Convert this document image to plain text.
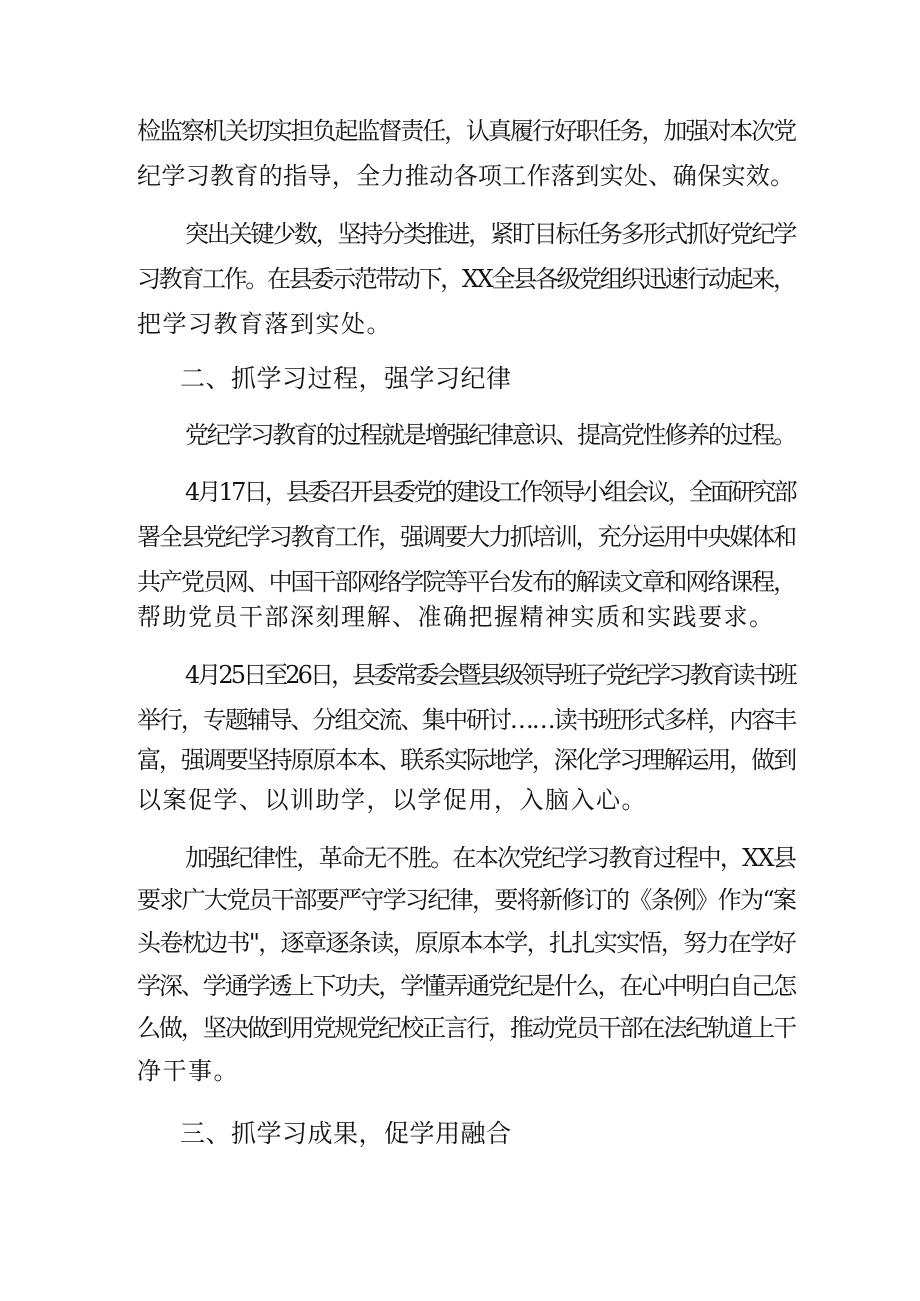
检监察机关切实担负起监督责任，认真履行好职任务，加强对本次党
纪学习教育的指导，全力推动各项工作落到实处、确保实效。
突出关键少数，坚持分类推进，紧盯目标任务多形式抓好党纪学
习教育工作。在县委示范带动下，XX全县各级党组织迅速行动起来，
把学习教育落到实处。
二、抓学习过程，强学习纪律
党纪学习教育的过程就是增强纪律意识、提高党性修养的过程。
4月17日，县委召开县委党的建设工作领导小组会议，全面研究部
署全县党纪学习教育工作，强调要大力抓培训，充分运用中央媒体和
共产党员网、中国干部网络学院等平台发布的解读文章和网络课程，
帮助党员干部深刻理解、准确把握精神实质和实践要求。
4月25日至26日，县委常委会暨县级领导班子党纪学习教育读书班
举行，专题辅导、分组交流、集中研讨……读书班形式多样，内容丰
富，强调要坚持原原本本、联系实际地学，深化学习理解运用，做到
以案促学、以训助学，以学促用，入脑入心。
加强纪律性，革命无不胜。在本次党纪学习教育过程中，XX县
要求广大党员干部要严守学习纪律，要将新修订的《条例》作为“案
头卷枕边书"，逐章逐条读，原原本本学，扎扎实实悟，努力在学好
学深、学通学透上下功夫，学懂弄通党纪是什么，在心中明白自己怎
么做，坚决做到用党规党纪校正言行，推动党员干部在法纪轨道上干
净干事。
三、抓学习成果，促学用融合
